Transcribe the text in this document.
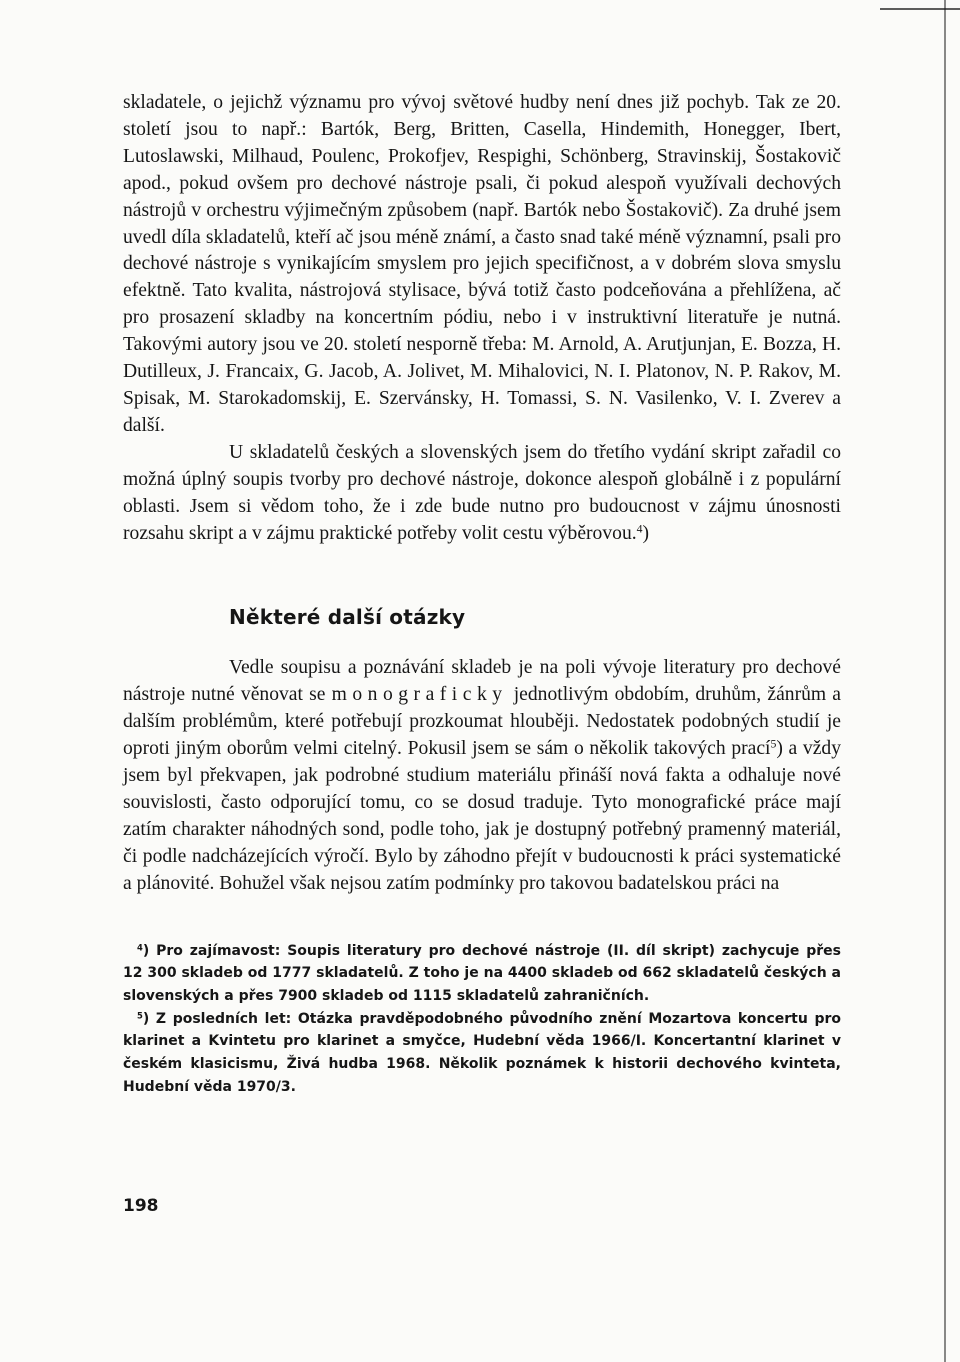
skladatele, o jejichž významu pro vývoj světové hudby není dnes již pochyb. Tak ze 20. století jsou to např.: Bartók, Berg, Britten, Casella, Hindemith, Honegger, Ibert, Lutoslawski, Milhaud, Poulenc, Prokofjev, Respighi, Schönberg, Stravinskij, Šostakovič apod., pokud ovšem pro dechové nástroje psali, či pokud alespoň využívali dechových nástrojů v orchestru výjimečným způsobem (např. Bartók nebo Šostakovič). Za druhé jsem uvedl díla skladatelů, kteří ač jsou méně známí, a často snad také méně významní, psali pro dechové nástroje s vynikajícím smyslem pro jejich specifičnost, a v dobrém slova smyslu efektně. Tato kvalita, nástrojová stylisace, bývá totiž často podceňována a přehlížena, ač pro prosazení skladby na koncertním pódiu, nebo i v instruktivní literatuře je nutná. Takovými autory jsou ve 20. století nesporně třeba: M. Arnold, A. Arutjunjan, E. Bozza, H. Dutilleux, J. Francaix, G. Jacob, A. Jolivet, M. Mihalovici, N. I. Platonov, N. P. Rakov, M. Spisak, M. Starokadomskij, E. Szervánsky, H. Tomassi, S. N. Vasilenko, V. I. Zverev a další.

U skladatelů českých a slovenských jsem do třetího vydání skript zařadil co možná úplný soupis tvorby pro dechové nástroje, dokonce alespoň globálně i z populární oblasti. Jsem si vědom toho, že i zde bude nutno pro budoucnost v zájmu únosnosti rozsahu skript a v zájmu praktické potřeby volit cestu výběrovou.$^4$)

Některé další otázky

Vedle soupisu a poznávání skladeb je na poli vývoje literatury pro dechové nástroje nutné věnovat se monograficky jednotlivým obdobím, druhům, žánrům a dalším problémům, které potřebují prozkoumat hlouběji. Nedostatek podobných studií je oproti jiným oborům velmi citelný. Pokusil jsem se sám o několik takových prací$^5$) a vždy jsem byl překvapen, jak podrobné studium materiálu přináší nová fakta a odhaluje nové souvislosti, často odporující tomu, co se dosud traduje. Tyto monografické práce mají zatím charakter náhodných sond, podle toho, jak je dostupný potřebný pramenný materiál, či podle nadcházejících výročí. Bylo by záhodno přejít v budoucnosti k práci systematické a plánovité. Bohužel však nejsou zatím podmínky pro takovou badatelskou práci na

$^4$) Pro zajímavost: Soupis literatury pro dechové nástroje (II. díl skript) zachycuje přes 12 300 skladeb od 1777 skladatelů. Z toho je na 4400 skladeb od 662 skladatelů českých a slovenských a přes 7900 skladeb od 1115 skladatelů zahraničních.

$^5$) Z posledních let: Otázka pravděpodobného původního znění Mozartova koncertu pro klarinet a Kvintetu pro klarinet a smyčce, Hudební věda 1966/I. Koncertantní klarinet v českém klasicismu, Živá hudba 1968. Několik poznámek k historii dechového kvinteta, Hudební věda 1970/3.

198
